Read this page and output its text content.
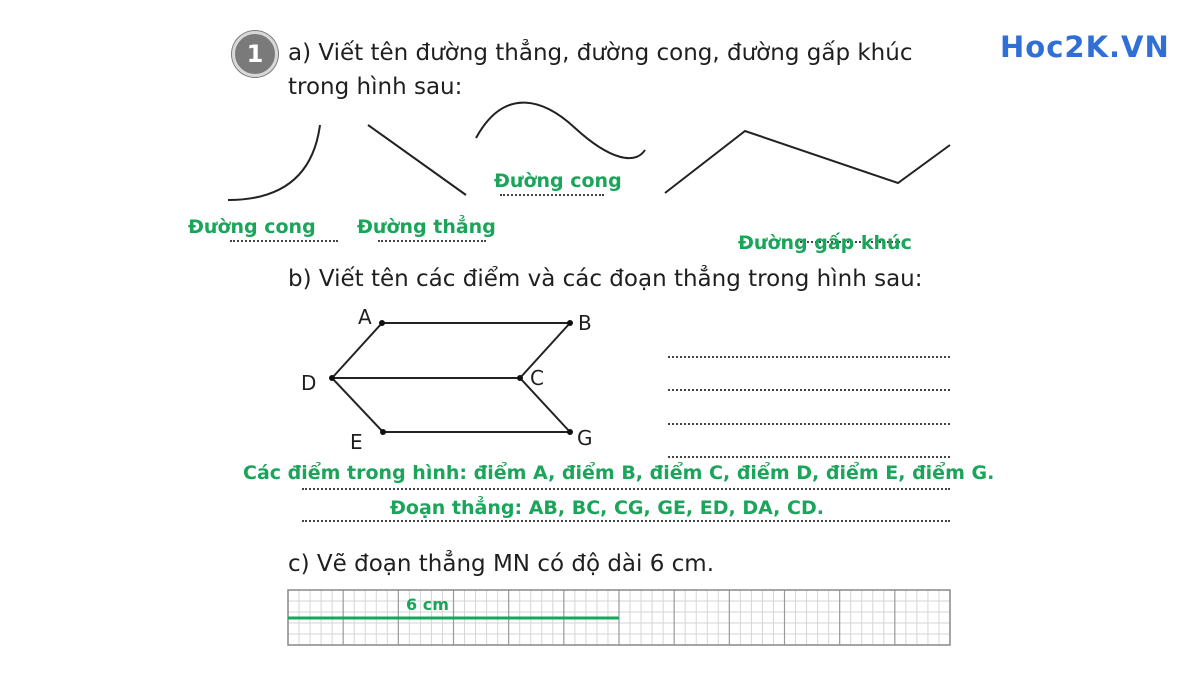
1 a) Viết tên đường thẳng, đường cong, đường gấp khúc
trong hình sau:
Hoc2K.VN
Đường cong Đường thẳng
Đường cong
Đường gấp khúc
b) Viết tên các điểm và các đoạn thẳng trong hình sau:
A	B
C
D
E	G
Các điểm trong hình: điểm A, điểm B, điểm C, điểm D, điểm E, điểm G.
Đoạn thẳng: AB, BC, CG, GE, ED, DA, CD.
c) Vẽ đoạn thẳng MN có độ dài 6 cm.
6 cm
